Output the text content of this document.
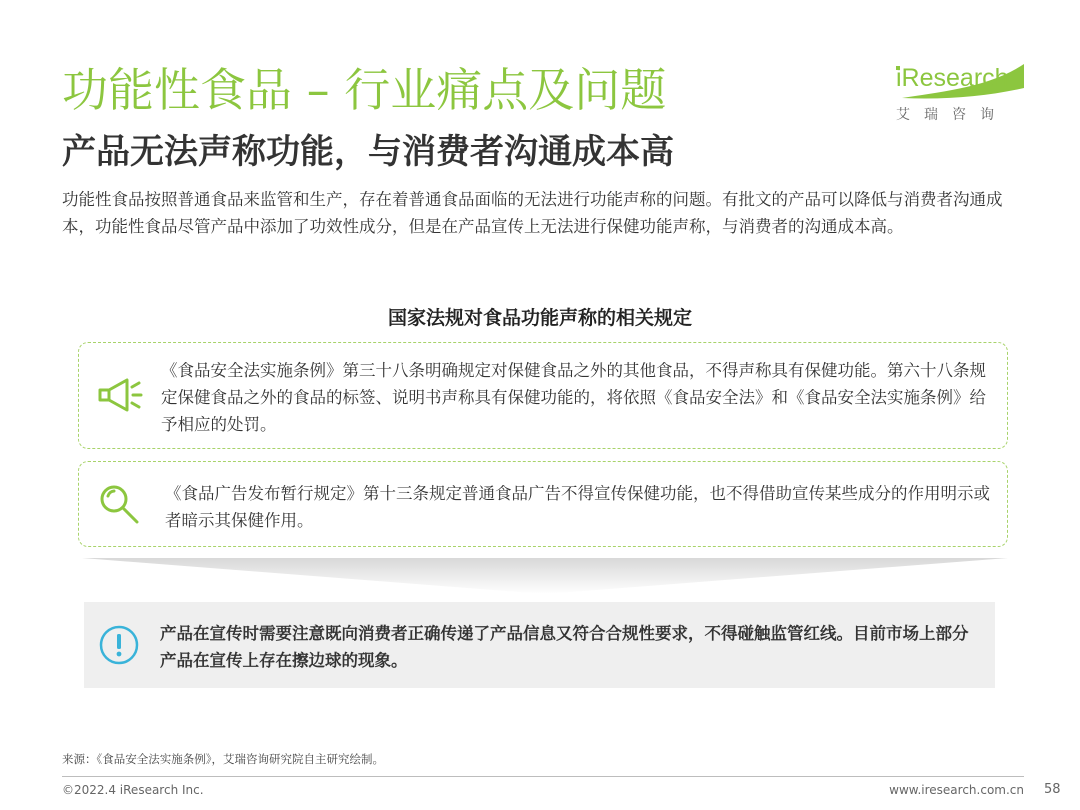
功能性食品 – 行业痛点及问题
产品无法声称功能，与消费者沟通成本高
iResearch
艾瑞咨询

功能性食品按照普通食品来监管和生产，存在着普通食品面临的无法进行功能声称的问题。有批文的产品可以降低与消费者沟通成本，功能性食品尽管产品中添加了功效性成分，但是在产品宣传上无法进行保健功能声称，与消费者的沟通成本高。

国家法规对食品功能声称的相关规定

《食品安全法实施条例》第三十八条明确规定对保健食品之外的其他食品，不得声称具有保健功能。第六十八条规定保健食品之外的食品的标签、说明书声称具有保健功能的，将依照《食品安全法》和《食品安全法实施条例》给予相应的处罚。

《食品广告发布暂行规定》第十三条规定普通食品广告不得宣传保健功能，也不得借助宣传某些成分的作用明示或者暗示其保健作用。

产品在宣传时需要注意既向消费者正确传递了产品信息又符合合规性要求，不得碰触监管红线。目前市场上部分产品在宣传上存在擦边球的现象。

来源：《食品安全法实施条例》，艾瑞咨询研究院自主研究绘制。

©2022.4 iResearch Inc.	www.iresearch.com.cn 58
